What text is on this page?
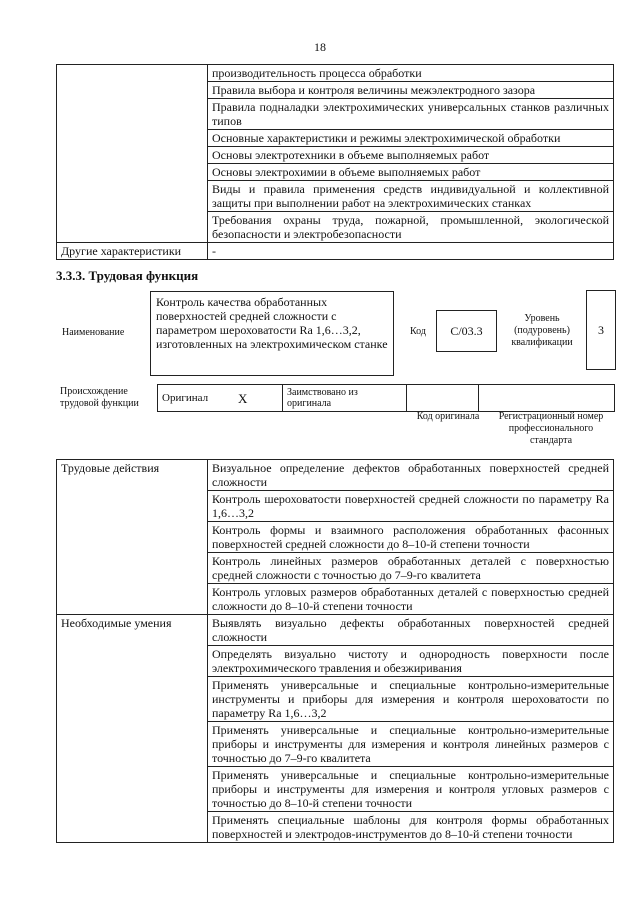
18
	производительность процесса обработки
	Правила выбора и контроля величины межэлектродного зазора
	Правила подналадки электрохимических универсальных станков различных типов
	Основные характеристики и режимы электрохимической обработки
	Основы электротехники в объеме выполняемых работ
	Основы электрохимии в объеме выполняемых работ
	Виды и правила применения средств индивидуальной и коллективной защиты при выполнении работ на электрохимических станках
	Требования охраны труда, пожарной, промышленной, экологической безопасности и электробезопасности
Другие характеристики	-
3.3.3. Трудовая функция
Наименование
Контроль качества обработанных поверхностей средней сложности с параметром шероховатости Ra 1,6…3,2, изготовленных на электрохимическом станке
Код C/03.3
Уровень (подуровень) квалификации
3
Происхождение трудовой функции	Оригинал	X	Заимствовано из оригинала		
Код оригинала	Регистрационный номер профессионального стандарта
Трудовые действия	Визуальное определение дефектов обработанных поверхностей средней сложности
	Контроль шероховатости поверхностей средней сложности по параметру Ra 1,6…3,2
	Контроль формы и взаимного расположения обработанных фасонных поверхностей средней сложности до 8–10-й степени точности
	Контроль линейных размеров обработанных деталей с поверхностью средней сложности с точностью до 7–9-го квалитета
	Контроль угловых размеров обработанных деталей с поверхностью средней сложности до 8–10-й степени точности
Необходимые умения	Выявлять визуально дефекты обработанных поверхностей средней сложности
	Определять визуально чистоту и однородность поверхности после электрохимического травления и обезжиривания
	Применять универсальные и специальные контрольно-измерительные инструменты и приборы для измерения и контроля шероховатости по параметру Ra 1,6…3,2
	Применять универсальные и специальные контрольно-измерительные приборы и инструменты для измерения и контроля линейных размеров с точностью до 7–9-го квалитета
	Применять универсальные и специальные контрольно-измерительные приборы и инструменты для измерения и контроля угловых размеров с точностью до 8–10-й степени точности
	Применять специальные шаблоны для контроля формы обработанных поверхностей и электродов-инструментов до 8–10-й степени точности
